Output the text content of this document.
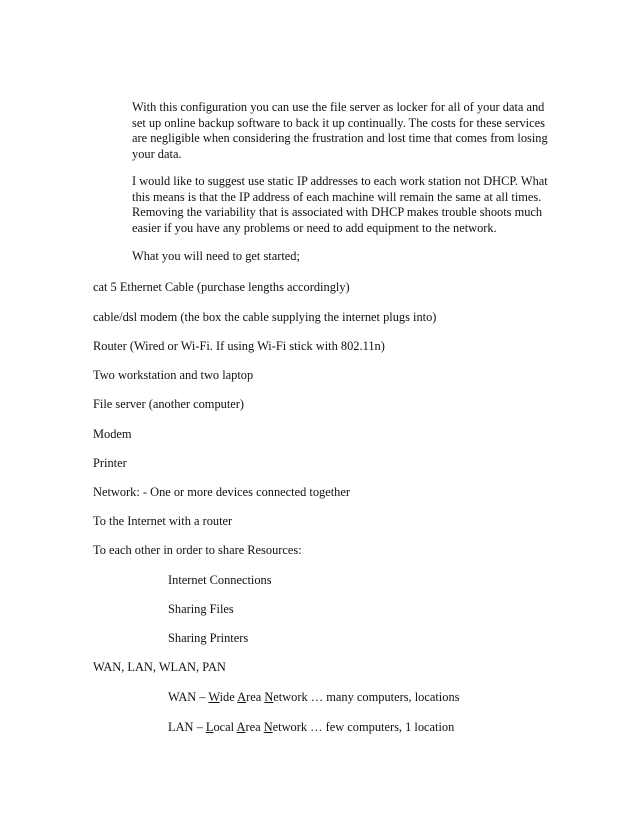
With this configuration you can use the file server as locker for all of your data and
set up online backup software to back it up continually. The costs for these services
are negligible when considering the frustration and lost time that comes from losing
your data.
I would like to suggest use static IP addresses to each work station not DHCP. What
this means is that the IP address of each machine will remain the same at all times.
Removing the variability that is associated with DHCP makes trouble shoots much
easier if you have any problems or need to add equipment to the network.
What you will need to get started;

cat 5 Ethernet Cable (purchase lengths accordingly)

cable/dsl modem (the box the cable supplying the internet plugs into)

Router (Wired or Wi-Fi. If using Wi-Fi stick with 802.11n)

Two workstation and two laptop

File server (another computer)

Modem

Printer

Network: - One or more devices connected together

To the Internet with a router

To each other in order to share Resources:

Internet Connections

Sharing Files

Sharing Printers

WAN, LAN, WLAN, PAN

WAN – Wide Area Network … many computers, locations

LAN – Local Area Network … few computers, 1 location
